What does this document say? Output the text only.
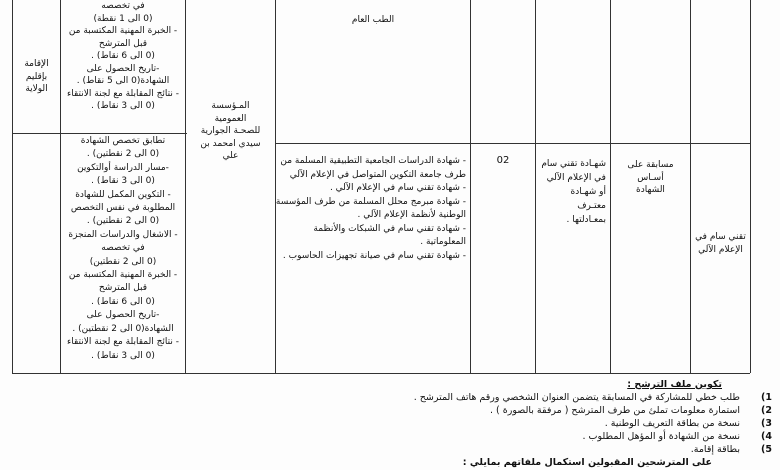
الإقامة
بإقليم
الولاية
في تخصصه
(0 الى 1 نقطة)
- الخبرة المهنية المكتسبة من
قبل المترشح
(0 الى 6 نقاط) .
-تاريخ الحصول على
الشهادة(0 الى 5 نقاط) .
- نتائج المقابلة مع لجنة الانتقاء
(0 الى 3 نقاط) .	المـؤسسة
العمومية
للصحـة الجوارية
سيدي امحمد بن
علي
الطب العام
تطابق تخصص الشهادة
(0 الى 2 نقطتين) .
-مسار الدراسة أوالتكوين
(0 الى 3 نقاط) .
- التكوين المكمل للشهادة
المطلوبة في نفس التخصص
(0 الى 2 نقطتين) .
- الاشغال والدراسات المنجزة
في تخصصه
(0 الى 2 نقطتين)
- الخبرة المهنية المكتسبة من
قبل المترشح
(0 الى 6 نقاط) .
-تاريخ الحصول على
الشهادة(0 الى 2 نقطتين) .
- نتائج المقابلة مع لجنة الانتقاء
(0 الى 3 نقاط) .
- شهادة الدراسات الجامعية التطبيقية المسلمة من
طرف جامعة التكوين المتواصل في الإعلام الآلي
- شهادة تقني سام في الإعلام الآلي .
- شهادة مبرمج محلل المسلمة من طرف المؤسسة
الوطنية لأنظمة الإعلام الآلي .
- شهادة تقني سام في الشبكات والأنظمة
المعلوماتية .
- شهادة تقني سام في صيانة تجهيزات الحاسوب .
02	شهـادة تقني سام
في الإعلام الآلي
أو شهـادة
معتـرف
بمعـادلتها .
مسابقة على
أسـاس
الشهادة
تقني سام في
الإعلام الآلي
تكوين ملف الترشح :
1)
طلب خطي للمشاركة في المسابقة يتضمن العنوان الشخصي ورقم هاتف المترشح .
2)
استمارة معلومات تملئ من طرف المترشح ( مرفقة بالصورة ) .
3)
نسخة من بطاقة التعريف الوطنية .
4)
نسخة من الشهادة أو المؤهل المطلوب .
5)
بطاقة إقامة.
على المترشحين المقبولين استكمال ملفاتهم بمايلي :
